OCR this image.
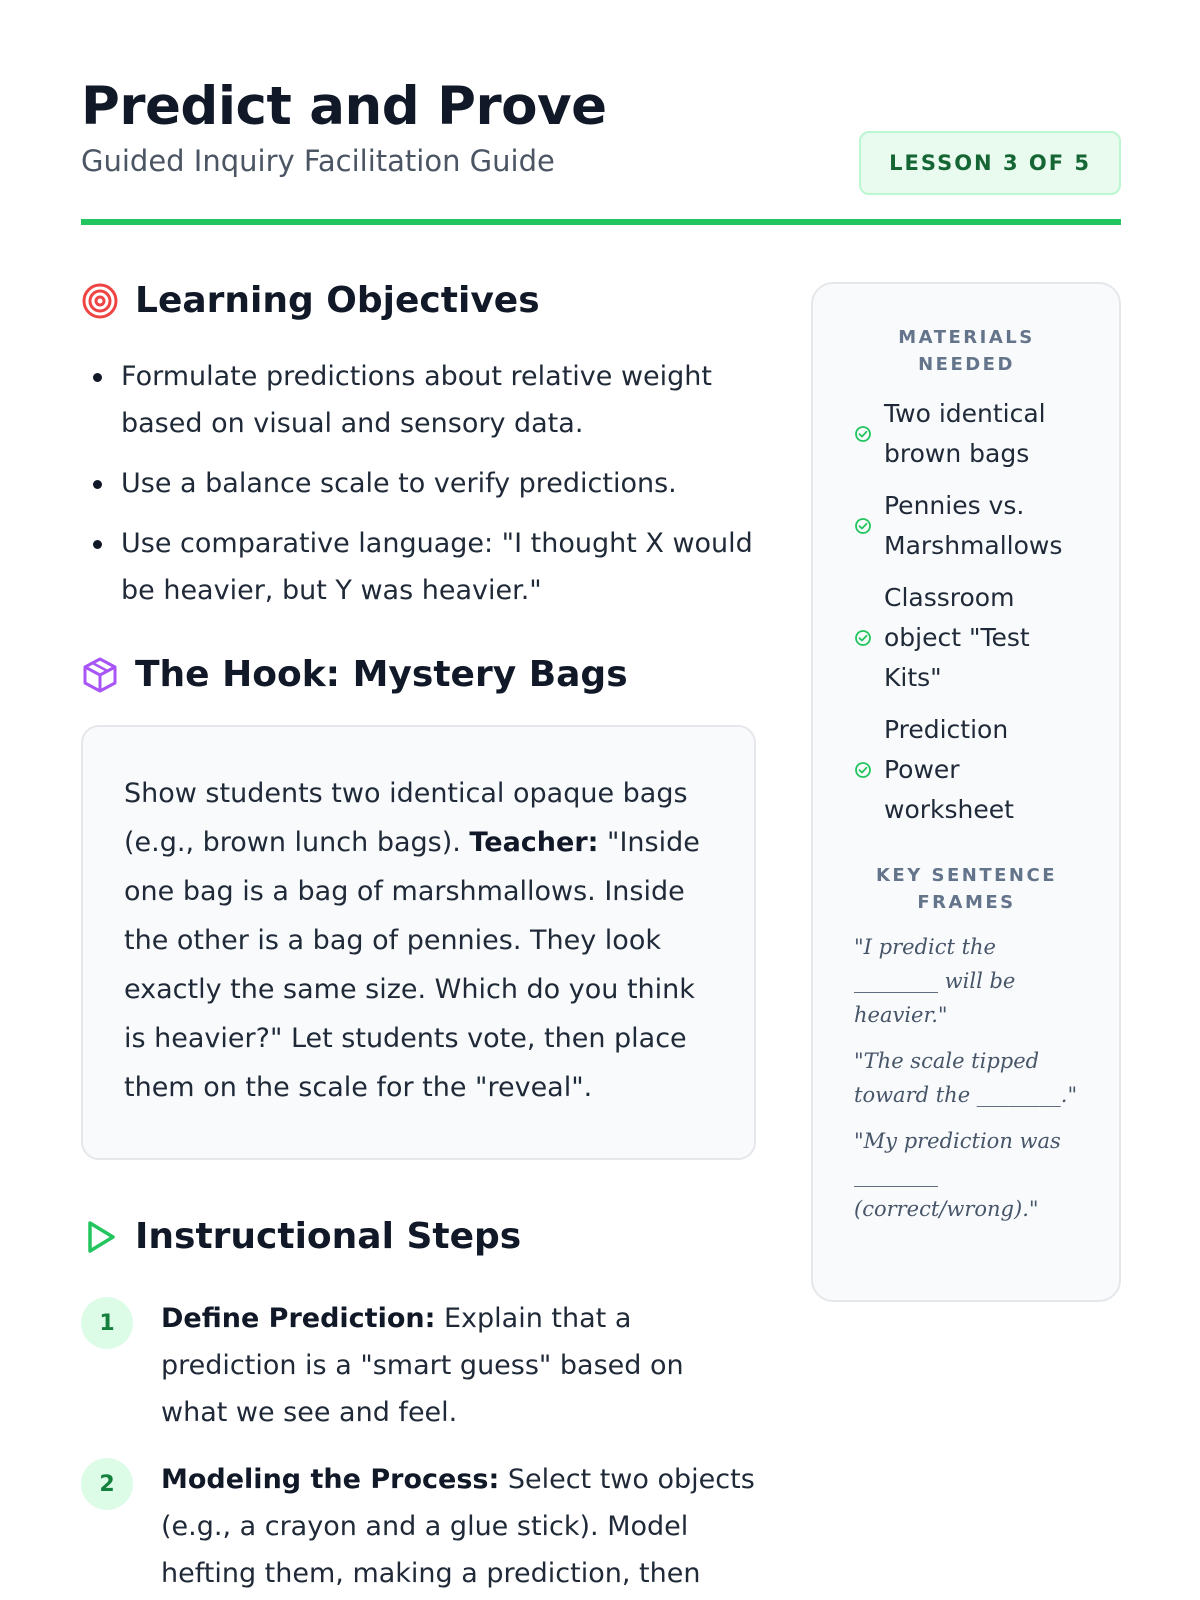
Predict and Prove
Guided Inquiry Facilitation Guide	LESSON 3 OF 5
Learning Objectives
Formulate predictions about relative weight based on visual and sensory data.
Use a balance scale to verify predictions.
Use comparative language: "I thought X would be heavier, but Y was heavier."
The Hook: Mystery Bags
Show students two identical opaque bags (e.g., brown lunch bags). Teacher: "Inside one bag is a bag of marshmallows. Inside the other is a bag of pennies. They look exactly the same size. Which do you think is heavier?" Let students vote, then place them on the scale for the "reveal".
Instructional Steps
1	Define Prediction: Explain that a prediction is a "smart guess" based on what we see and feel.
2	Modeling the Process: Select two objects (e.g., a crayon and a glue stick). Model hefting them, making a prediction, then
MATERIALS NEEDED
Two identical brown bags
Pennies vs. Marshmallows
Classroom object "Test Kits"
Prediction Power worksheet
KEY SENTENCE FRAMES
"I predict the ________ will be heavier."
"The scale tipped toward the ________."
"My prediction was ________ (correct/wrong)."
